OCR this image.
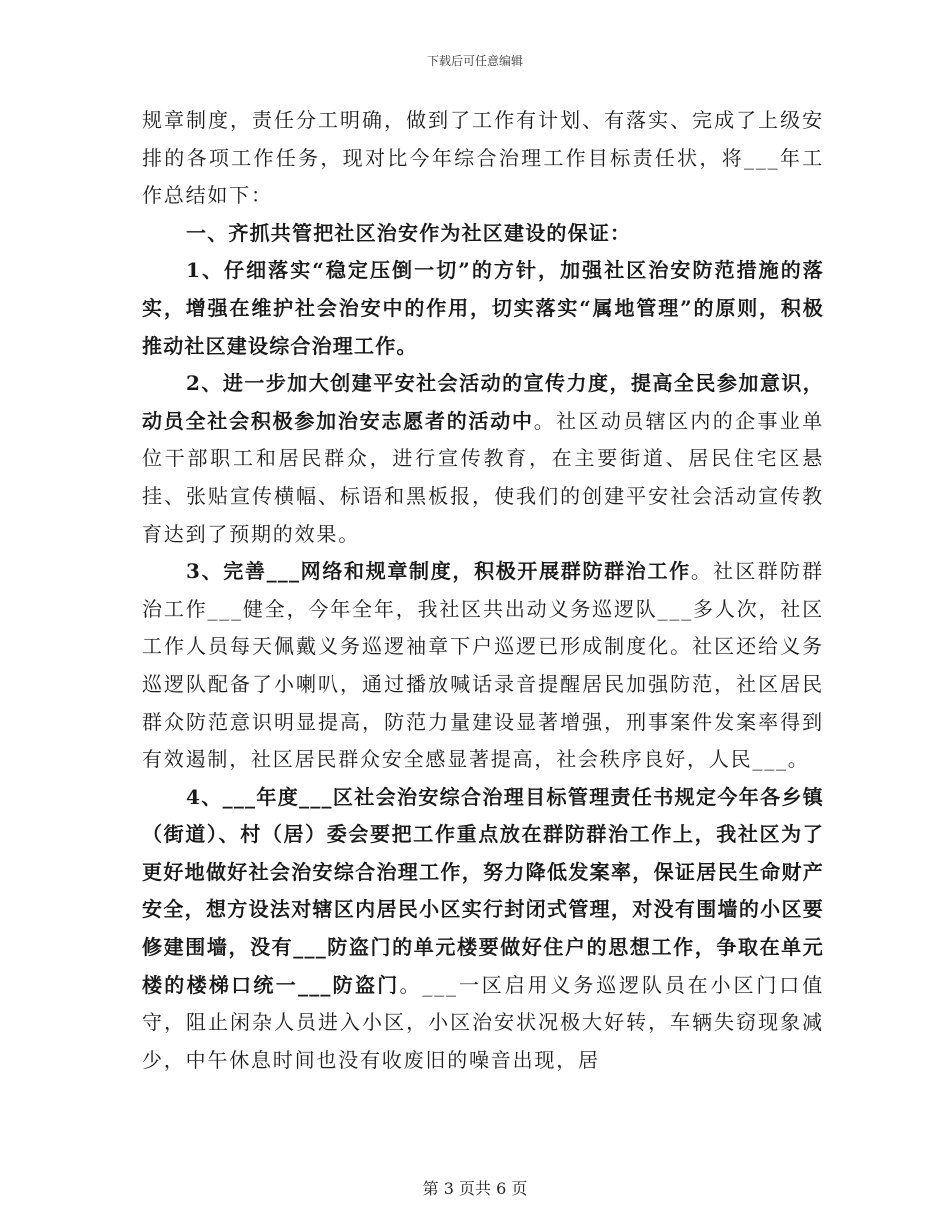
下载后可任意编辑

规章制度，责任分工明确，做到了工作有计划、有落实、完成了上级安排的各项工作任务，现对比今年综合治理工作目标责任状，将___年工作总结如下：

一、齐抓共管把社区治安作为社区建设的保证：

1、仔细落实“稳定压倒一切”的方针，加强社区治安防范措施的落实，增强在维护社会治安中的作用，切实落实“属地管理”的原则，积极推动社区建设综合治理工作。

2、进一步加大创建平安社会活动的宣传力度，提高全民参加意识，动员全社会积极参加治安志愿者的活动中。社区动员辖区内的企事业单位干部职工和居民群众，进行宣传教育，在主要街道、居民住宅区悬挂、张贴宣传横幅、标语和黑板报，使我们的创建平安社会活动宣传教育达到了预期的效果。

3、完善___网络和规章制度，积极开展群防群治工作。社区群防群治工作___健全，今年全年，我社区共出动义务巡逻队___多人次，社区工作人员每天佩戴义务巡逻袖章下户巡逻已形成制度化。社区还给义务巡逻队配备了小喇叭，通过播放喊话录音提醒居民加强防范，社区居民群众防范意识明显提高，防范力量建设显著增强，刑事案件发案率得到有效遏制，社区居民群众安全感显著提高，社会秩序良好，人民___。

4、___年度___区社会治安综合治理目标管理责任书规定今年各乡镇（街道）、村（居）委会要把工作重点放在群防群治工作上，我社区为了更好地做好社会治安综合治理工作，努力降低发案率，保证居民生命财产安全，想方设法对辖区内居民小区实行封闭式管理，对没有围墙的小区要修建围墙，没有___防盗门的单元楼要做好住户的思想工作，争取在单元楼的楼梯口统一___防盗门。___一区启用义务巡逻队员在小区门口值守，阻止闲杂人员进入小区，小区治安状况极大好转，车辆失窃现象减少，中午休息时间也没有收废旧的噪音出现，居

第 3 页共 6 页
